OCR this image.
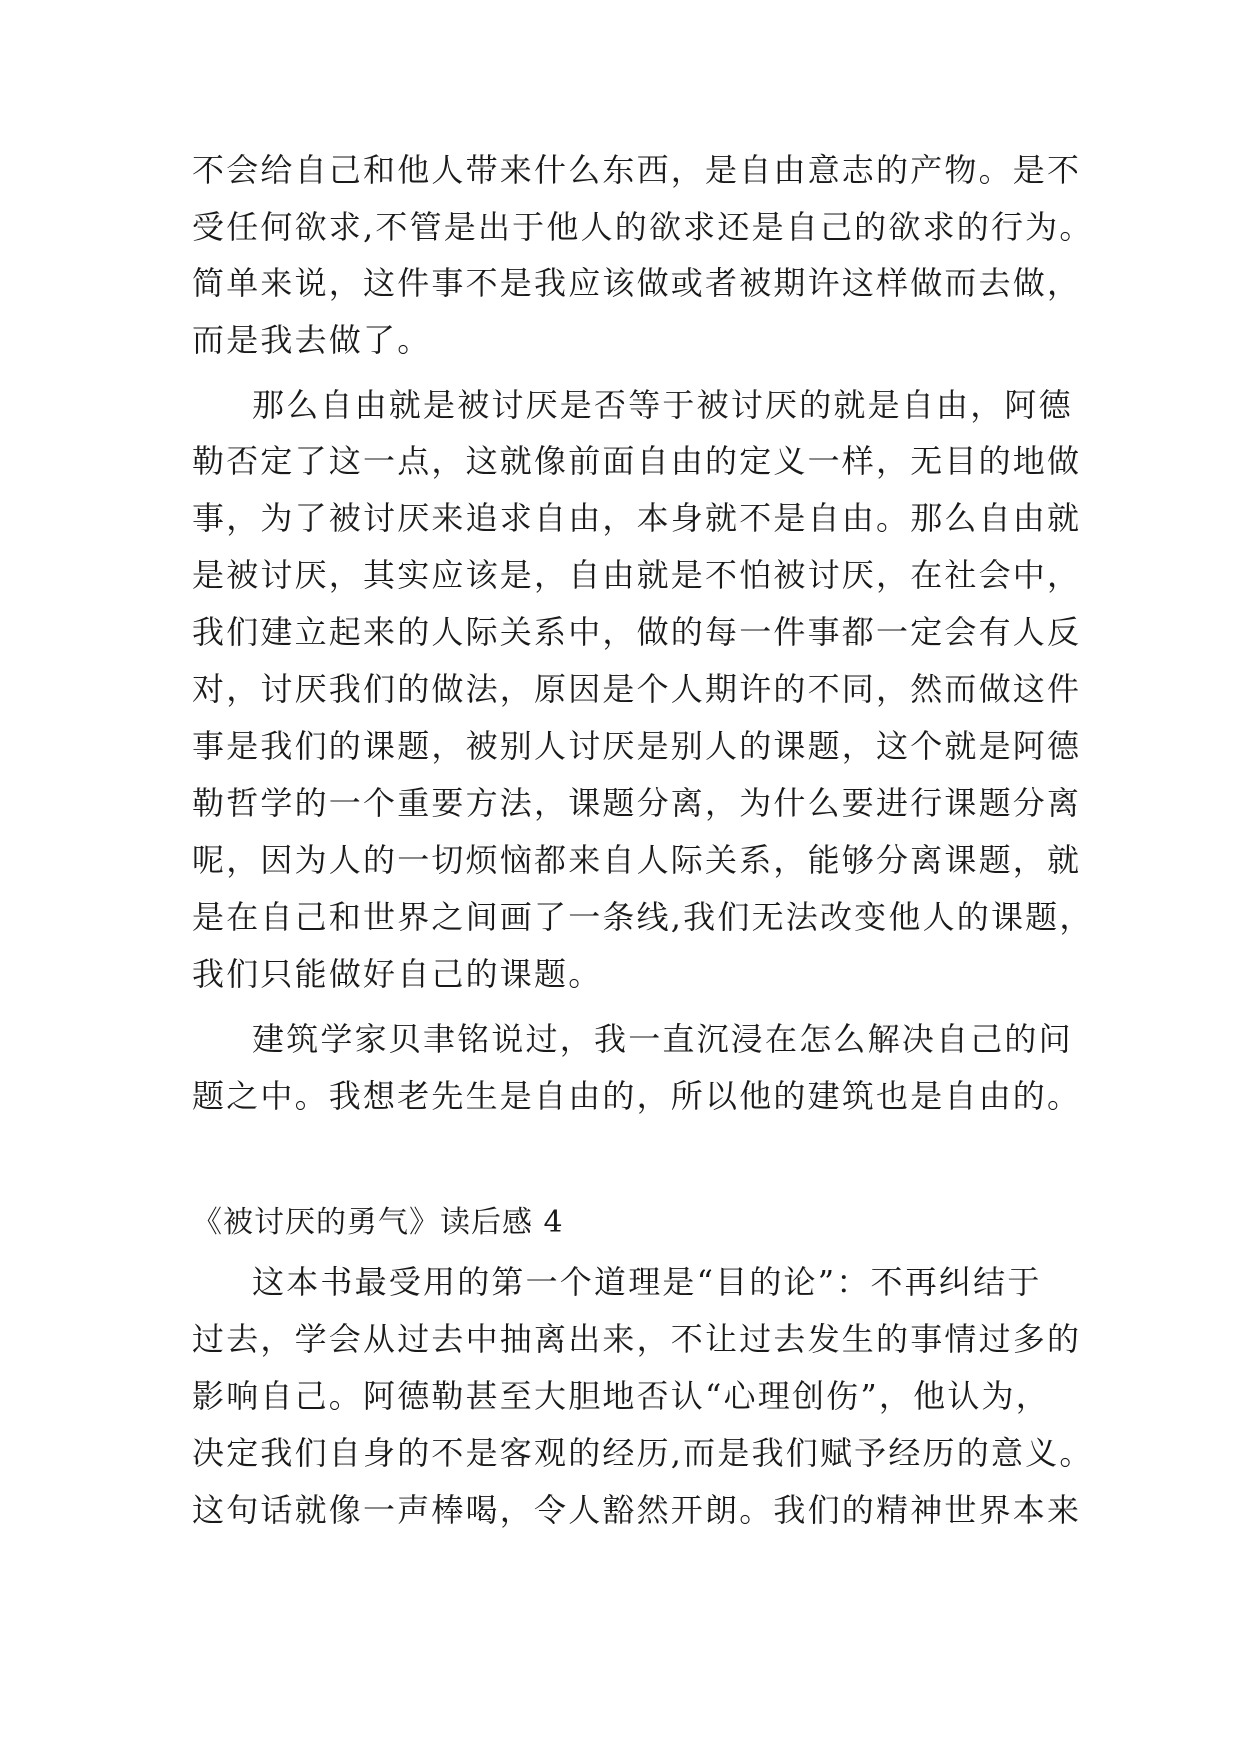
不会给自己和他人带来什么东西，是自由意志的产物。是不
受任何欲求,不管是出于他人的欲求还是自己的欲求的行为。
简单来说，这件事不是我应该做或者被期许这样做而去做，
而是我去做了。
那么自由就是被讨厌是否等于被讨厌的就是自由，阿德
勒否定了这一点，这就像前面自由的定义一样，无目的地做
事，为了被讨厌来追求自由，本身就不是自由。那么自由就
是被讨厌，其实应该是，自由就是不怕被讨厌，在社会中，
我们建立起来的人际关系中，做的每一件事都一定会有人反
对，讨厌我们的做法，原因是个人期许的不同，然而做这件
事是我们的课题，被别人讨厌是别人的课题，这个就是阿德
勒哲学的一个重要方法，课题分离，为什么要进行课题分离
呢，因为人的一切烦恼都来自人际关系，能够分离课题，就
是在自己和世界之间画了一条线,我们无法改变他人的课题，
我们只能做好自己的课题。
建筑学家贝聿铭说过，我一直沉浸在怎么解决自己的问
题之中。我想老先生是自由的，所以他的建筑也是自由的。
《被讨厌的勇气》读后感 4
这本书最受用的第一个道理是“目的论”：不再纠结于
过去，学会从过去中抽离出来，不让过去发生的事情过多的
影响自己。阿德勒甚至大胆地否认“心理创伤”，他认为，
决定我们自身的不是客观的经历,而是我们赋予经历的意义。
这句话就像一声棒喝，令人豁然开朗。我们的精神世界本来
